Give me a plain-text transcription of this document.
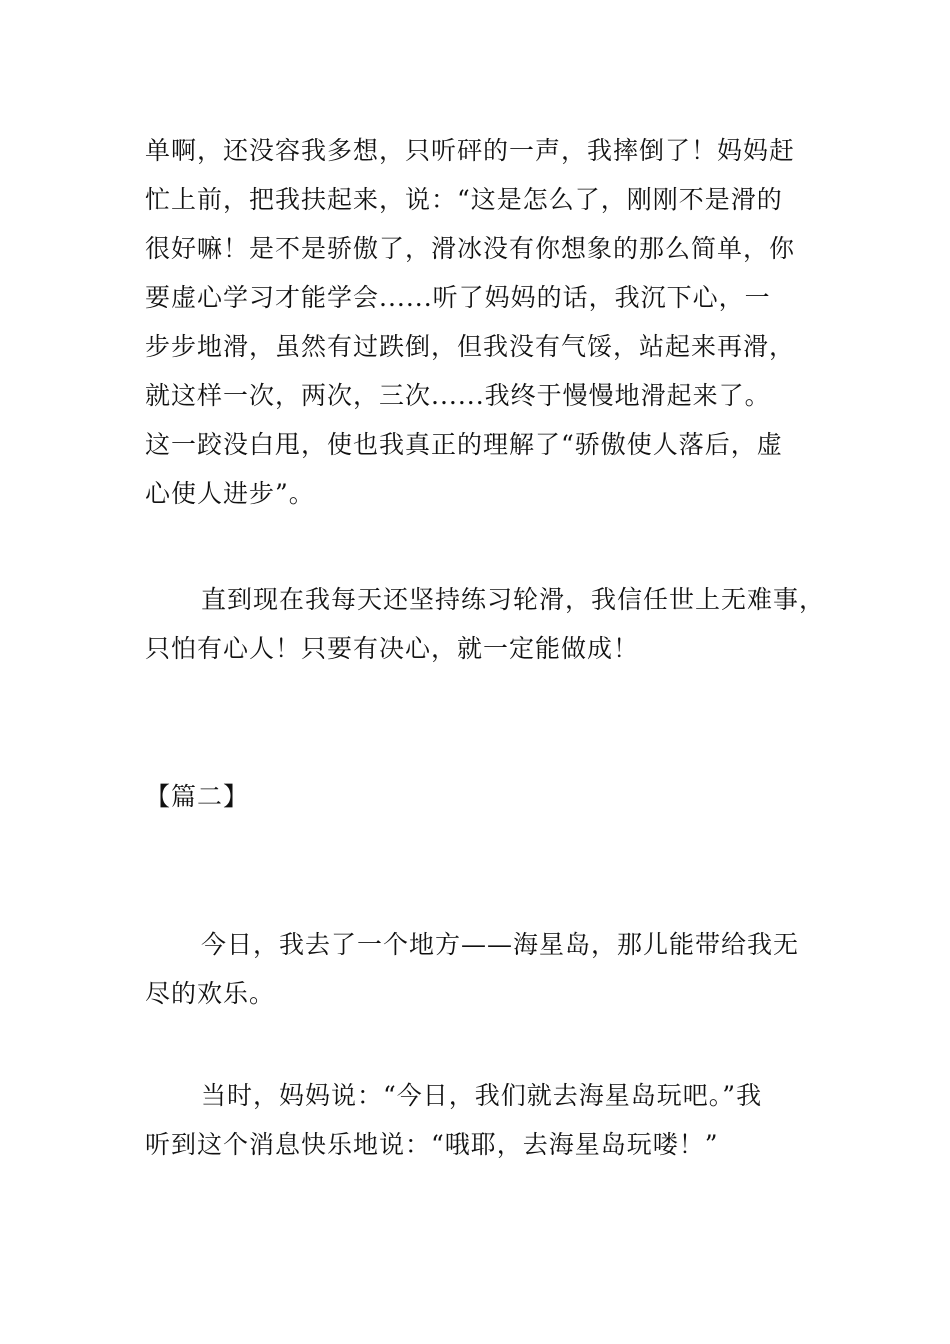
单啊，还没容我多想，只听砰的一声，我摔倒了！妈妈赶
忙上前，把我扶起来，说：“这是怎么了，刚刚不是滑的
很好嘛！是不是骄傲了，滑冰没有你想象的那么简单，你
要虚心学习才能学会......听了妈妈的话，我沉下心，一
步步地滑，虽然有过跌倒，但我没有气馁，站起来再滑，
就这样一次，两次，三次......我终于慢慢地滑起来了。
这一跤没白甩，使也我真正的理解了“骄傲使人落后，虚
心使人进步”。
直到现在我每天还坚持练习轮滑，我信任世上无难事，
只怕有心人！只要有决心，就一定能做成！
【篇二】
今日，我去了一个地方——海星岛，那儿能带给我无
尽的欢乐。
当时，妈妈说：“今日，我们就去海星岛玩吧。”我
听到这个消息快乐地说：“哦耶，去海星岛玩喽！”
